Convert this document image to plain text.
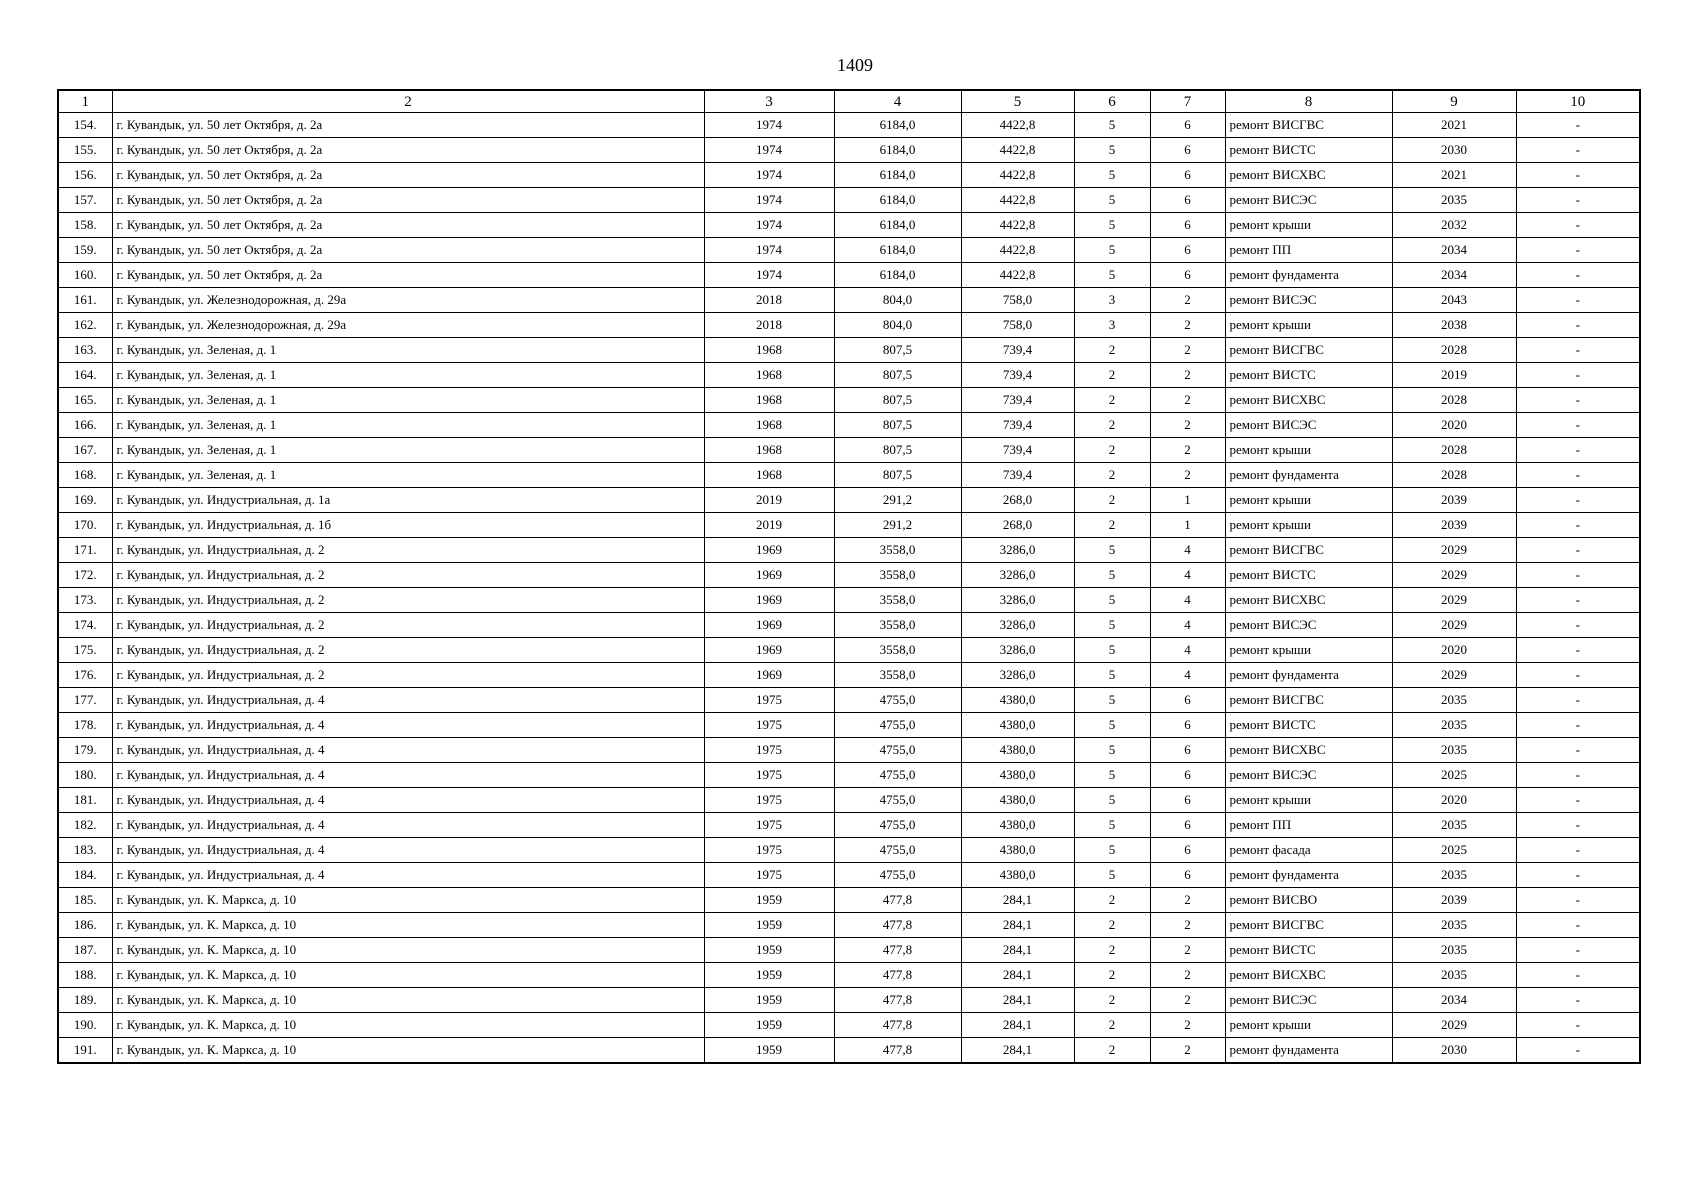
1409
1	2	3	4	5	6	7	8	9	10
154.	г. Кувандык, ул. 50 лет Октября, д. 2а	1974	6184,0	4422,8	5	6	ремонт ВИСГВС	2021	-
155.	г. Кувандык, ул. 50 лет Октября, д. 2а	1974	6184,0	4422,8	5	6	ремонт ВИСТС	2030	-
156.	г. Кувандык, ул. 50 лет Октября, д. 2а	1974	6184,0	4422,8	5	6	ремонт ВИСХВС	2021	-
157.	г. Кувандык, ул. 50 лет Октября, д. 2а	1974	6184,0	4422,8	5	6	ремонт ВИСЭС	2035	-
158.	г. Кувандык, ул. 50 лет Октября, д. 2а	1974	6184,0	4422,8	5	6	ремонт крыши	2032	-
159.	г. Кувандык, ул. 50 лет Октября, д. 2а	1974	6184,0	4422,8	5	6	ремонт ПП	2034	-
160.	г. Кувандык, ул. 50 лет Октября, д. 2а	1974	6184,0	4422,8	5	6	ремонт фундамента	2034	-
161.	г. Кувандык, ул. Железнодорожная, д. 29а	2018	804,0	758,0	3	2	ремонт ВИСЭС	2043	-
162.	г. Кувандык, ул. Железнодорожная, д. 29а	2018	804,0	758,0	3	2	ремонт крыши	2038	-
163.	г. Кувандык, ул. Зеленая, д. 1	1968	807,5	739,4	2	2	ремонт ВИСГВС	2028	-
164.	г. Кувандык, ул. Зеленая, д. 1	1968	807,5	739,4	2	2	ремонт ВИСТС	2019	-
165.	г. Кувандык, ул. Зеленая, д. 1	1968	807,5	739,4	2	2	ремонт ВИСХВС	2028	-
166.	г. Кувандык, ул. Зеленая, д. 1	1968	807,5	739,4	2	2	ремонт ВИСЭС	2020	-
167.	г. Кувандык, ул. Зеленая, д. 1	1968	807,5	739,4	2	2	ремонт крыши	2028	-
168.	г. Кувандык, ул. Зеленая, д. 1	1968	807,5	739,4	2	2	ремонт фундамента	2028	-
169.	г. Кувандык, ул. Индустриальная, д. 1а	2019	291,2	268,0	2	1	ремонт крыши	2039	-
170.	г. Кувандык, ул. Индустриальная, д. 1б	2019	291,2	268,0	2	1	ремонт крыши	2039	-
171.	г. Кувандык, ул. Индустриальная, д. 2	1969	3558,0	3286,0	5	4	ремонт ВИСГВС	2029	-
172.	г. Кувандык, ул. Индустриальная, д. 2	1969	3558,0	3286,0	5	4	ремонт ВИСТС	2029	-
173.	г. Кувандык, ул. Индустриальная, д. 2	1969	3558,0	3286,0	5	4	ремонт ВИСХВС	2029	-
174.	г. Кувандык, ул. Индустриальная, д. 2	1969	3558,0	3286,0	5	4	ремонт ВИСЭС	2029	-
175.	г. Кувандык, ул. Индустриальная, д. 2	1969	3558,0	3286,0	5	4	ремонт крыши	2020	-
176.	г. Кувандык, ул. Индустриальная, д. 2	1969	3558,0	3286,0	5	4	ремонт фундамента	2029	-
177.	г. Кувандык, ул. Индустриальная, д. 4	1975	4755,0	4380,0	5	6	ремонт ВИСГВС	2035	-
178.	г. Кувандык, ул. Индустриальная, д. 4	1975	4755,0	4380,0	5	6	ремонт ВИСТС	2035	-
179.	г. Кувандык, ул. Индустриальная, д. 4	1975	4755,0	4380,0	5	6	ремонт ВИСХВС	2035	-
180.	г. Кувандык, ул. Индустриальная, д. 4	1975	4755,0	4380,0	5	6	ремонт ВИСЭС	2025	-
181.	г. Кувандык, ул. Индустриальная, д. 4	1975	4755,0	4380,0	5	6	ремонт крыши	2020	-
182.	г. Кувандык, ул. Индустриальная, д. 4	1975	4755,0	4380,0	5	6	ремонт ПП	2035	-
183.	г. Кувандык, ул. Индустриальная, д. 4	1975	4755,0	4380,0	5	6	ремонт фасада	2025	-
184.	г. Кувандык, ул. Индустриальная, д. 4	1975	4755,0	4380,0	5	6	ремонт фундамента	2035	-
185.	г. Кувандык, ул. К. Маркса, д. 10	1959	477,8	284,1	2	2	ремонт ВИСВО	2039	-
186.	г. Кувандык, ул. К. Маркса, д. 10	1959	477,8	284,1	2	2	ремонт ВИСГВС	2035	-
187.	г. Кувандык, ул. К. Маркса, д. 10	1959	477,8	284,1	2	2	ремонт ВИСТС	2035	-
188.	г. Кувандык, ул. К. Маркса, д. 10	1959	477,8	284,1	2	2	ремонт ВИСХВС	2035	-
189.	г. Кувандык, ул. К. Маркса, д. 10	1959	477,8	284,1	2	2	ремонт ВИСЭС	2034	-
190.	г. Кувандык, ул. К. Маркса, д. 10	1959	477,8	284,1	2	2	ремонт крыши	2029	-
191.	г. Кувандык, ул. К. Маркса, д. 10	1959	477,8	284,1	2	2	ремонт фундамента	2030	-
